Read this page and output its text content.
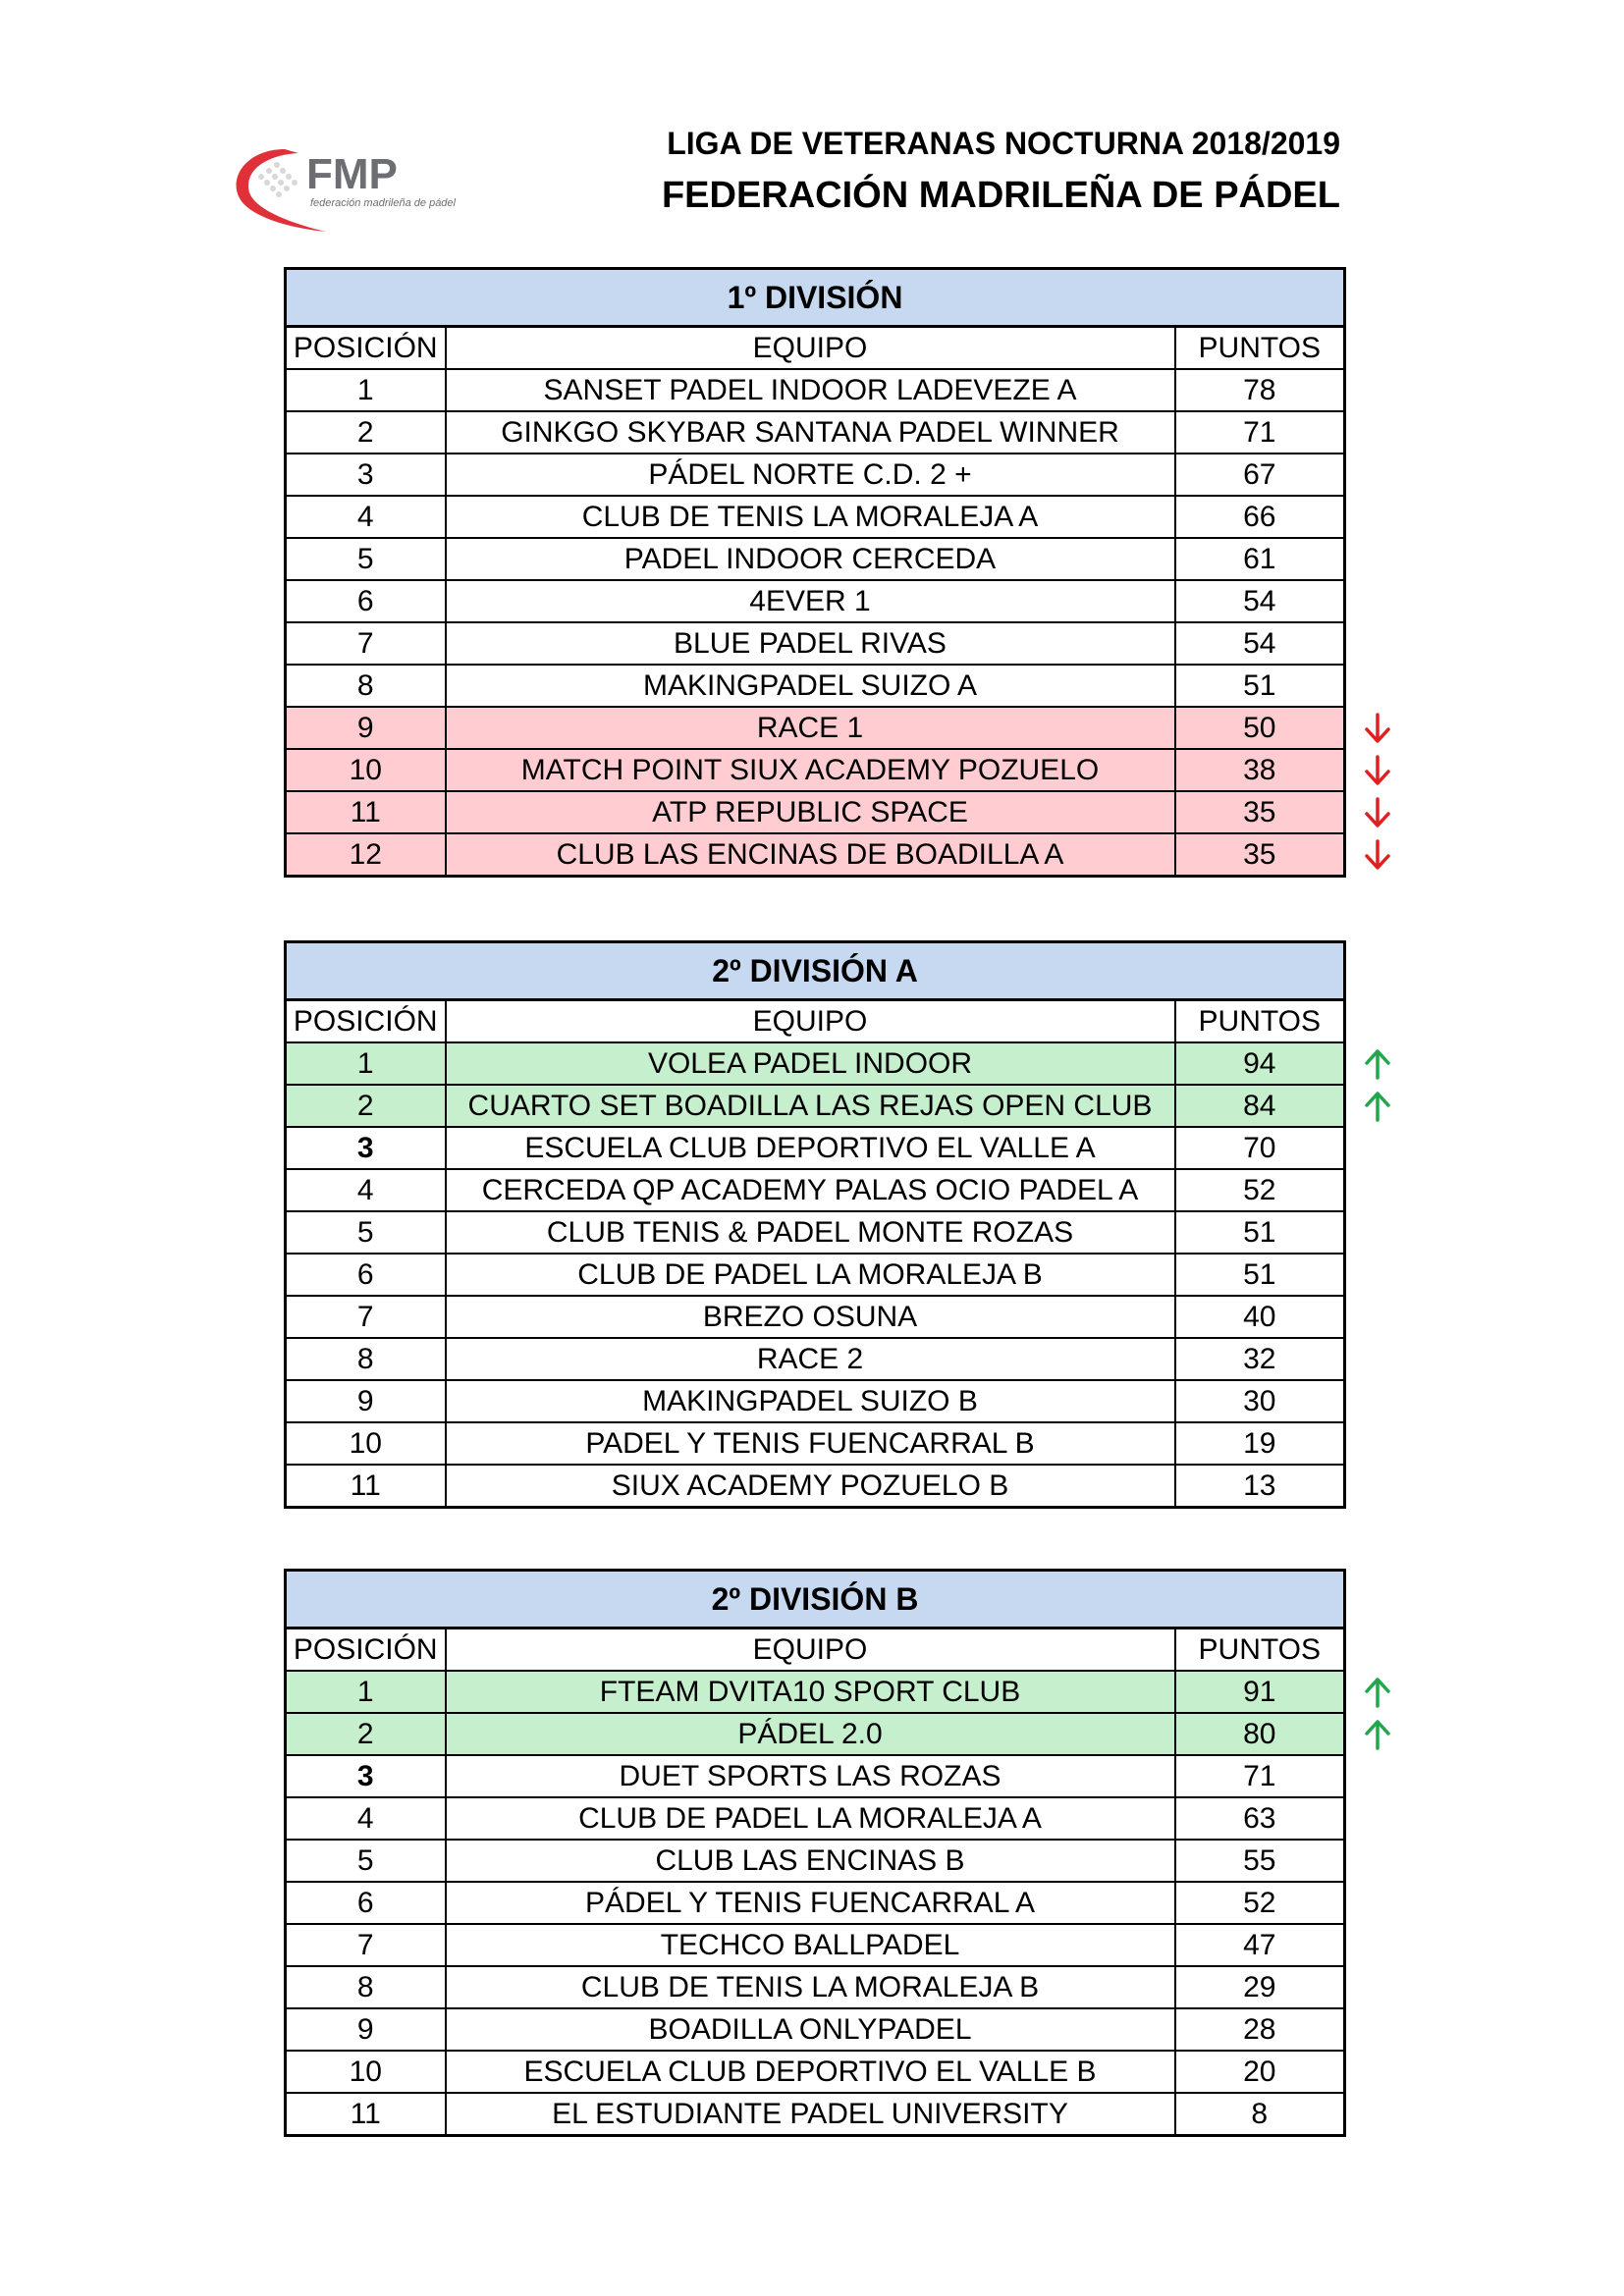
FMP
federación madrileña de pádel
LIGA DE VETERANAS NOCTURNA 2018/2019
FEDERACIÓN MADRILEÑA DE PÁDEL
1º DIVISIÓN		
POSICIÓN	EQUIPO	PUNTOS
1	SANSET PADEL INDOOR LADEVEZE A	78
2	GINKGO SKYBAR SANTANA PADEL WINNER	71
3	PÁDEL NORTE C.D. 2 +	67
4	CLUB DE TENIS LA MORALEJA A	66
5	PADEL INDOOR CERCEDA	61
6	4EVER 1	54
7	BLUE PADEL RIVAS	54
8	MAKINGPADEL SUIZO A	51
9	RACE 1	50
10	MATCH POINT SIUX ACADEMY POZUELO	38
11	ATP REPUBLIC SPACE	35
12	CLUB LAS ENCINAS DE BOADILLA A	35
2º DIVISIÓN A		
POSICIÓN	EQUIPO	PUNTOS
1	VOLEA PADEL INDOOR	94
2	CUARTO SET BOADILLA LAS REJAS OPEN CLUB	84
3	ESCUELA CLUB DEPORTIVO EL VALLE A	70
4	CERCEDA QP ACADEMY PALAS OCIO PADEL A	52
5	CLUB TENIS & PADEL MONTE ROZAS	51
6	CLUB DE PADEL LA MORALEJA B	51
7	BREZO OSUNA	40
8	RACE 2	32
9	MAKINGPADEL SUIZO B	30
10	PADEL Y TENIS FUENCARRAL B	19
11	SIUX ACADEMY POZUELO B	13
2º DIVISIÓN B		
POSICIÓN	EQUIPO	PUNTOS
1	FTEAM DVITA10 SPORT CLUB	91
2	PÁDEL 2.0	80
3	DUET SPORTS LAS ROZAS	71
4	CLUB DE PADEL LA MORALEJA A	63
5	CLUB LAS ENCINAS B	55
6	PÁDEL Y TENIS FUENCARRAL A	52
7	TECHCO BALLPADEL	47
8	CLUB DE TENIS LA MORALEJA B	29
9	BOADILLA ONLYPADEL	28
10	ESCUELA CLUB DEPORTIVO EL VALLE B	20
11	EL ESTUDIANTE PADEL UNIVERSITY	8
